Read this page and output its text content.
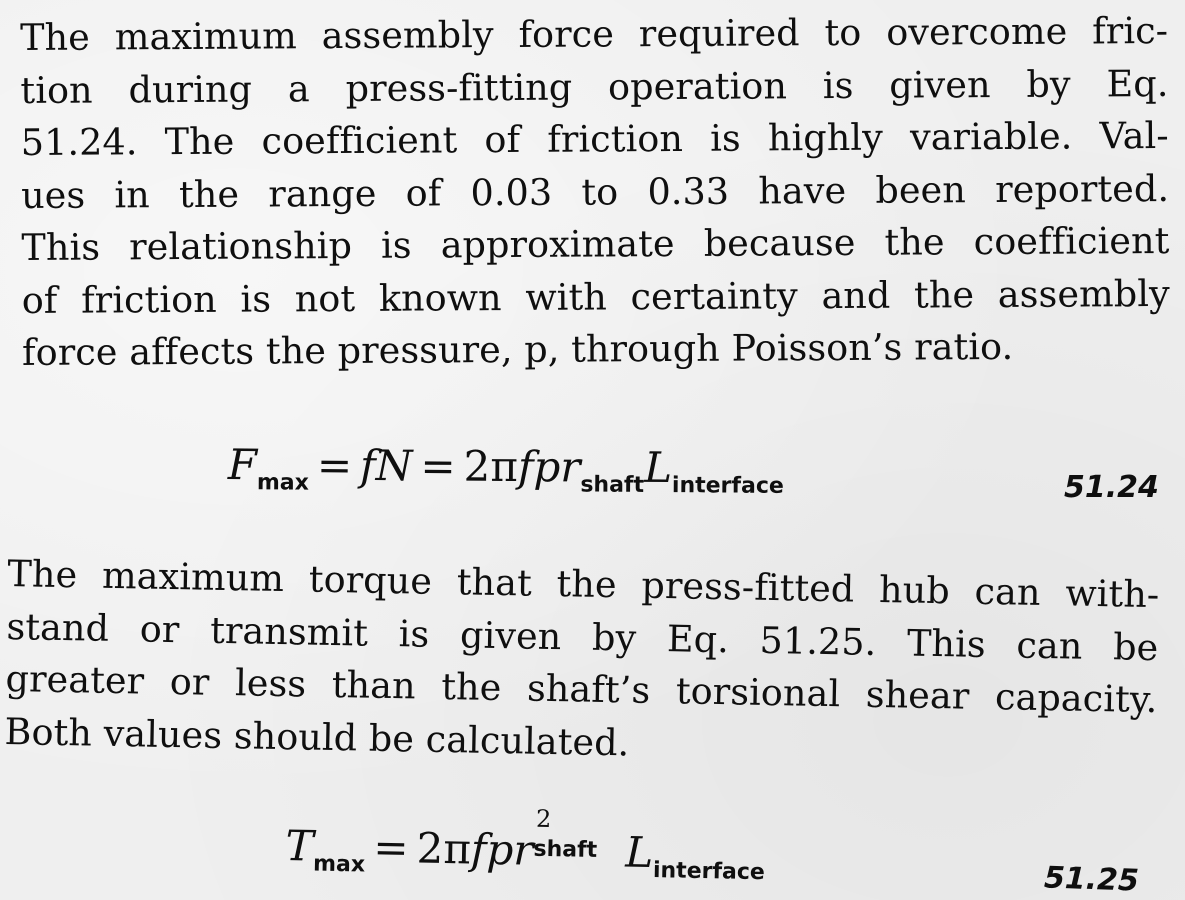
The maximum assembly force required to overcome fric-
tion during a press-fitting operation is given by Eq.
51.24. The coefficient of friction is highly variable. Val-
ues in the range of 0.03 to 0.33 have been reported.
This relationship is approximate because the coefficient
of friction is not known with certainty and the assembly
force affects the pressure, p, through Poisson’s ratio.
$F_{max}$ = fN = $2\pi fpr_{shaft}L_{interface}$	51.24
The maximum torque that the press-fitted hub can with-
stand or transmit is given by Eq. 51.25. This can be
greater or less than the shaft’s torsional shear capacity.
Both values should be calculated.
$T_{max} = 2\pi fpr$
2
shaft $L_{interface}$	51.25
